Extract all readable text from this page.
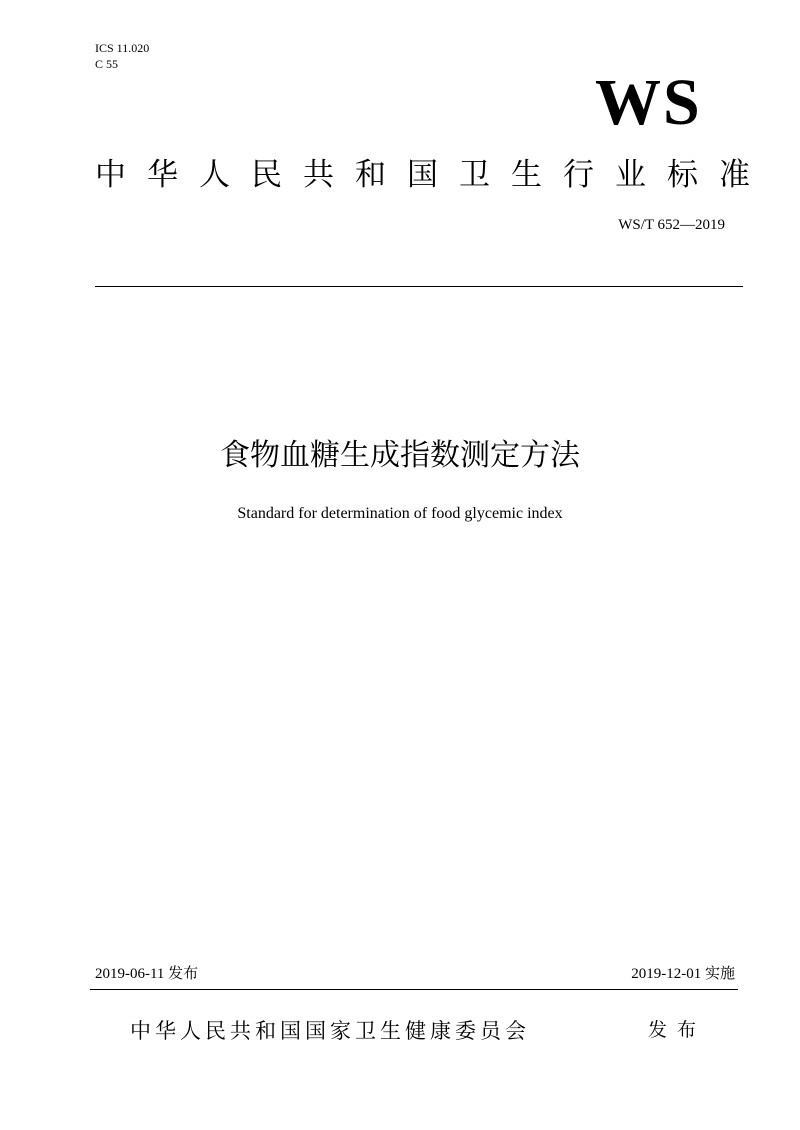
ICS 11.020
C 55
WS
中 华 人 民 共 和 国 卫 生 行 业 标 准
WS/T 652—2019
食物血糖生成指数测定方法
Standard for determination of food glycemic index
2019-06-11 发布	2019-12-01 实施
中华人民共和国国家卫生健康委员会	发布
